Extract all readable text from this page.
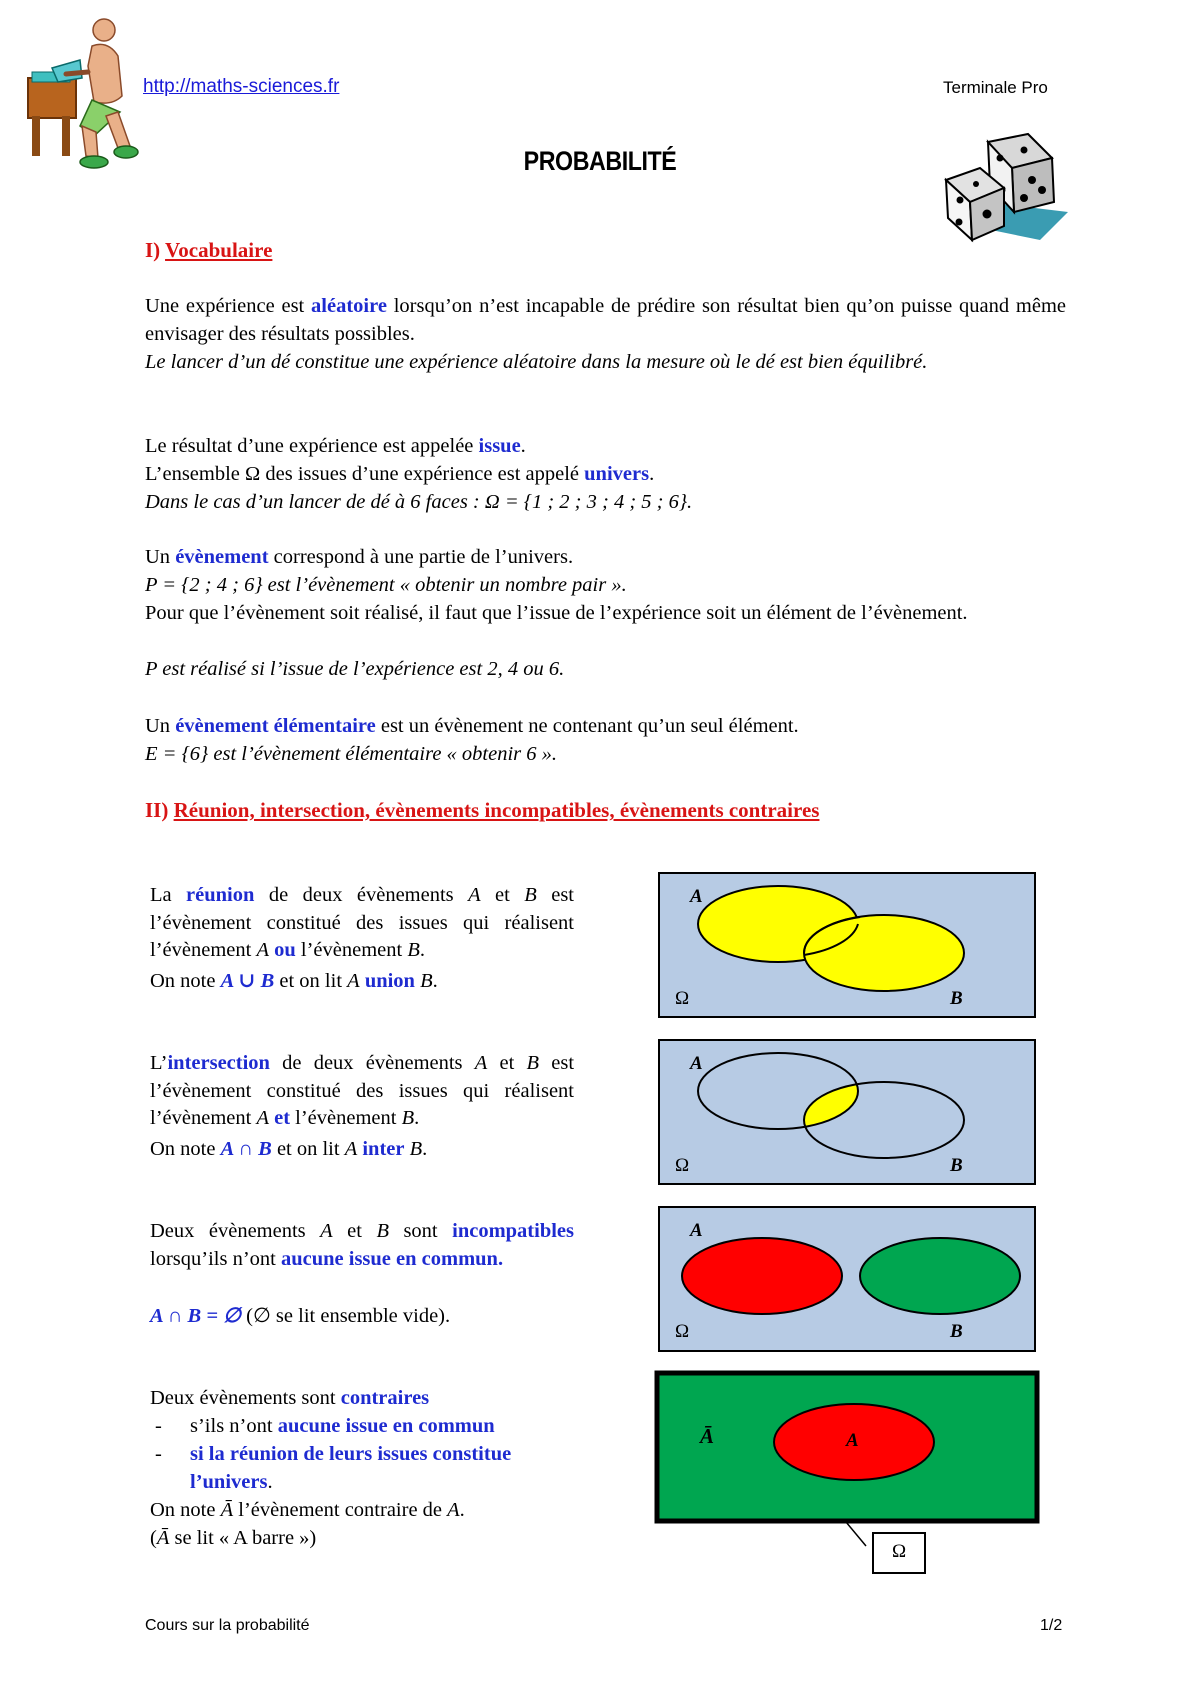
http://maths-sciences.fr	Terminale Pro
PROBABILITÉ
I) Vocabulaire
Une expérience est aléatoire lorsqu’on n’est incapable de prédire son résultat bien qu’on puisse quand même envisager des résultats possibles.
Le lancer d’un dé constitue une expérience aléatoire dans la mesure où le dé est bien équilibré.
Le résultat d’une expérience est appelée issue.
L’ensemble Ω des issues d’une expérience est appelé univers.
Dans le cas d’un lancer de dé à 6 faces : Ω = {1 ; 2 ; 3 ; 4 ; 5 ; 6}.
Un évènement correspond à une partie de l’univers.
P = {2 ; 4 ; 6} est l’évènement « obtenir un nombre pair ».
Pour que l’évènement soit réalisé, il faut que l’issue de l’expérience soit un élément de l’évènement.
P est réalisé si l’issue de l’expérience est 2, 4 ou 6.
Un évènement élémentaire est un évènement ne contenant qu’un seul élément.
E = {6} est l’évènement élémentaire « obtenir 6 ».
II) Réunion, intersection, évènements incompatibles, évènements contraires
La réunion de deux évènements A et B est l’évènement constitué des issues qui réalisent l’évènement A ou l’évènement B.
On note A ∪ B et on lit A union B.
A
Ω	B
L’intersection de deux évènements A et B est l’évènement constitué des issues qui réalisent l’évènement A et l’évènement B.
On note A ∩ B et on lit A inter B.
A
Ω	B
Deux évènements A et B sont incompatibles lorsqu’ils n’ont aucune issue en commun.
A ∩ B = ∅ (∅ se lit ensemble vide).
A
Ω	B
Deux évènements sont contraires
- s’ils n’ont aucune issue en commun
- si la réunion de leurs issues constitue l’univers.
On note Ā l’évènement contraire de A.
(Ā se lit « A barre »)
Ā	A
Ω
Cours sur la probabilité	1/2
